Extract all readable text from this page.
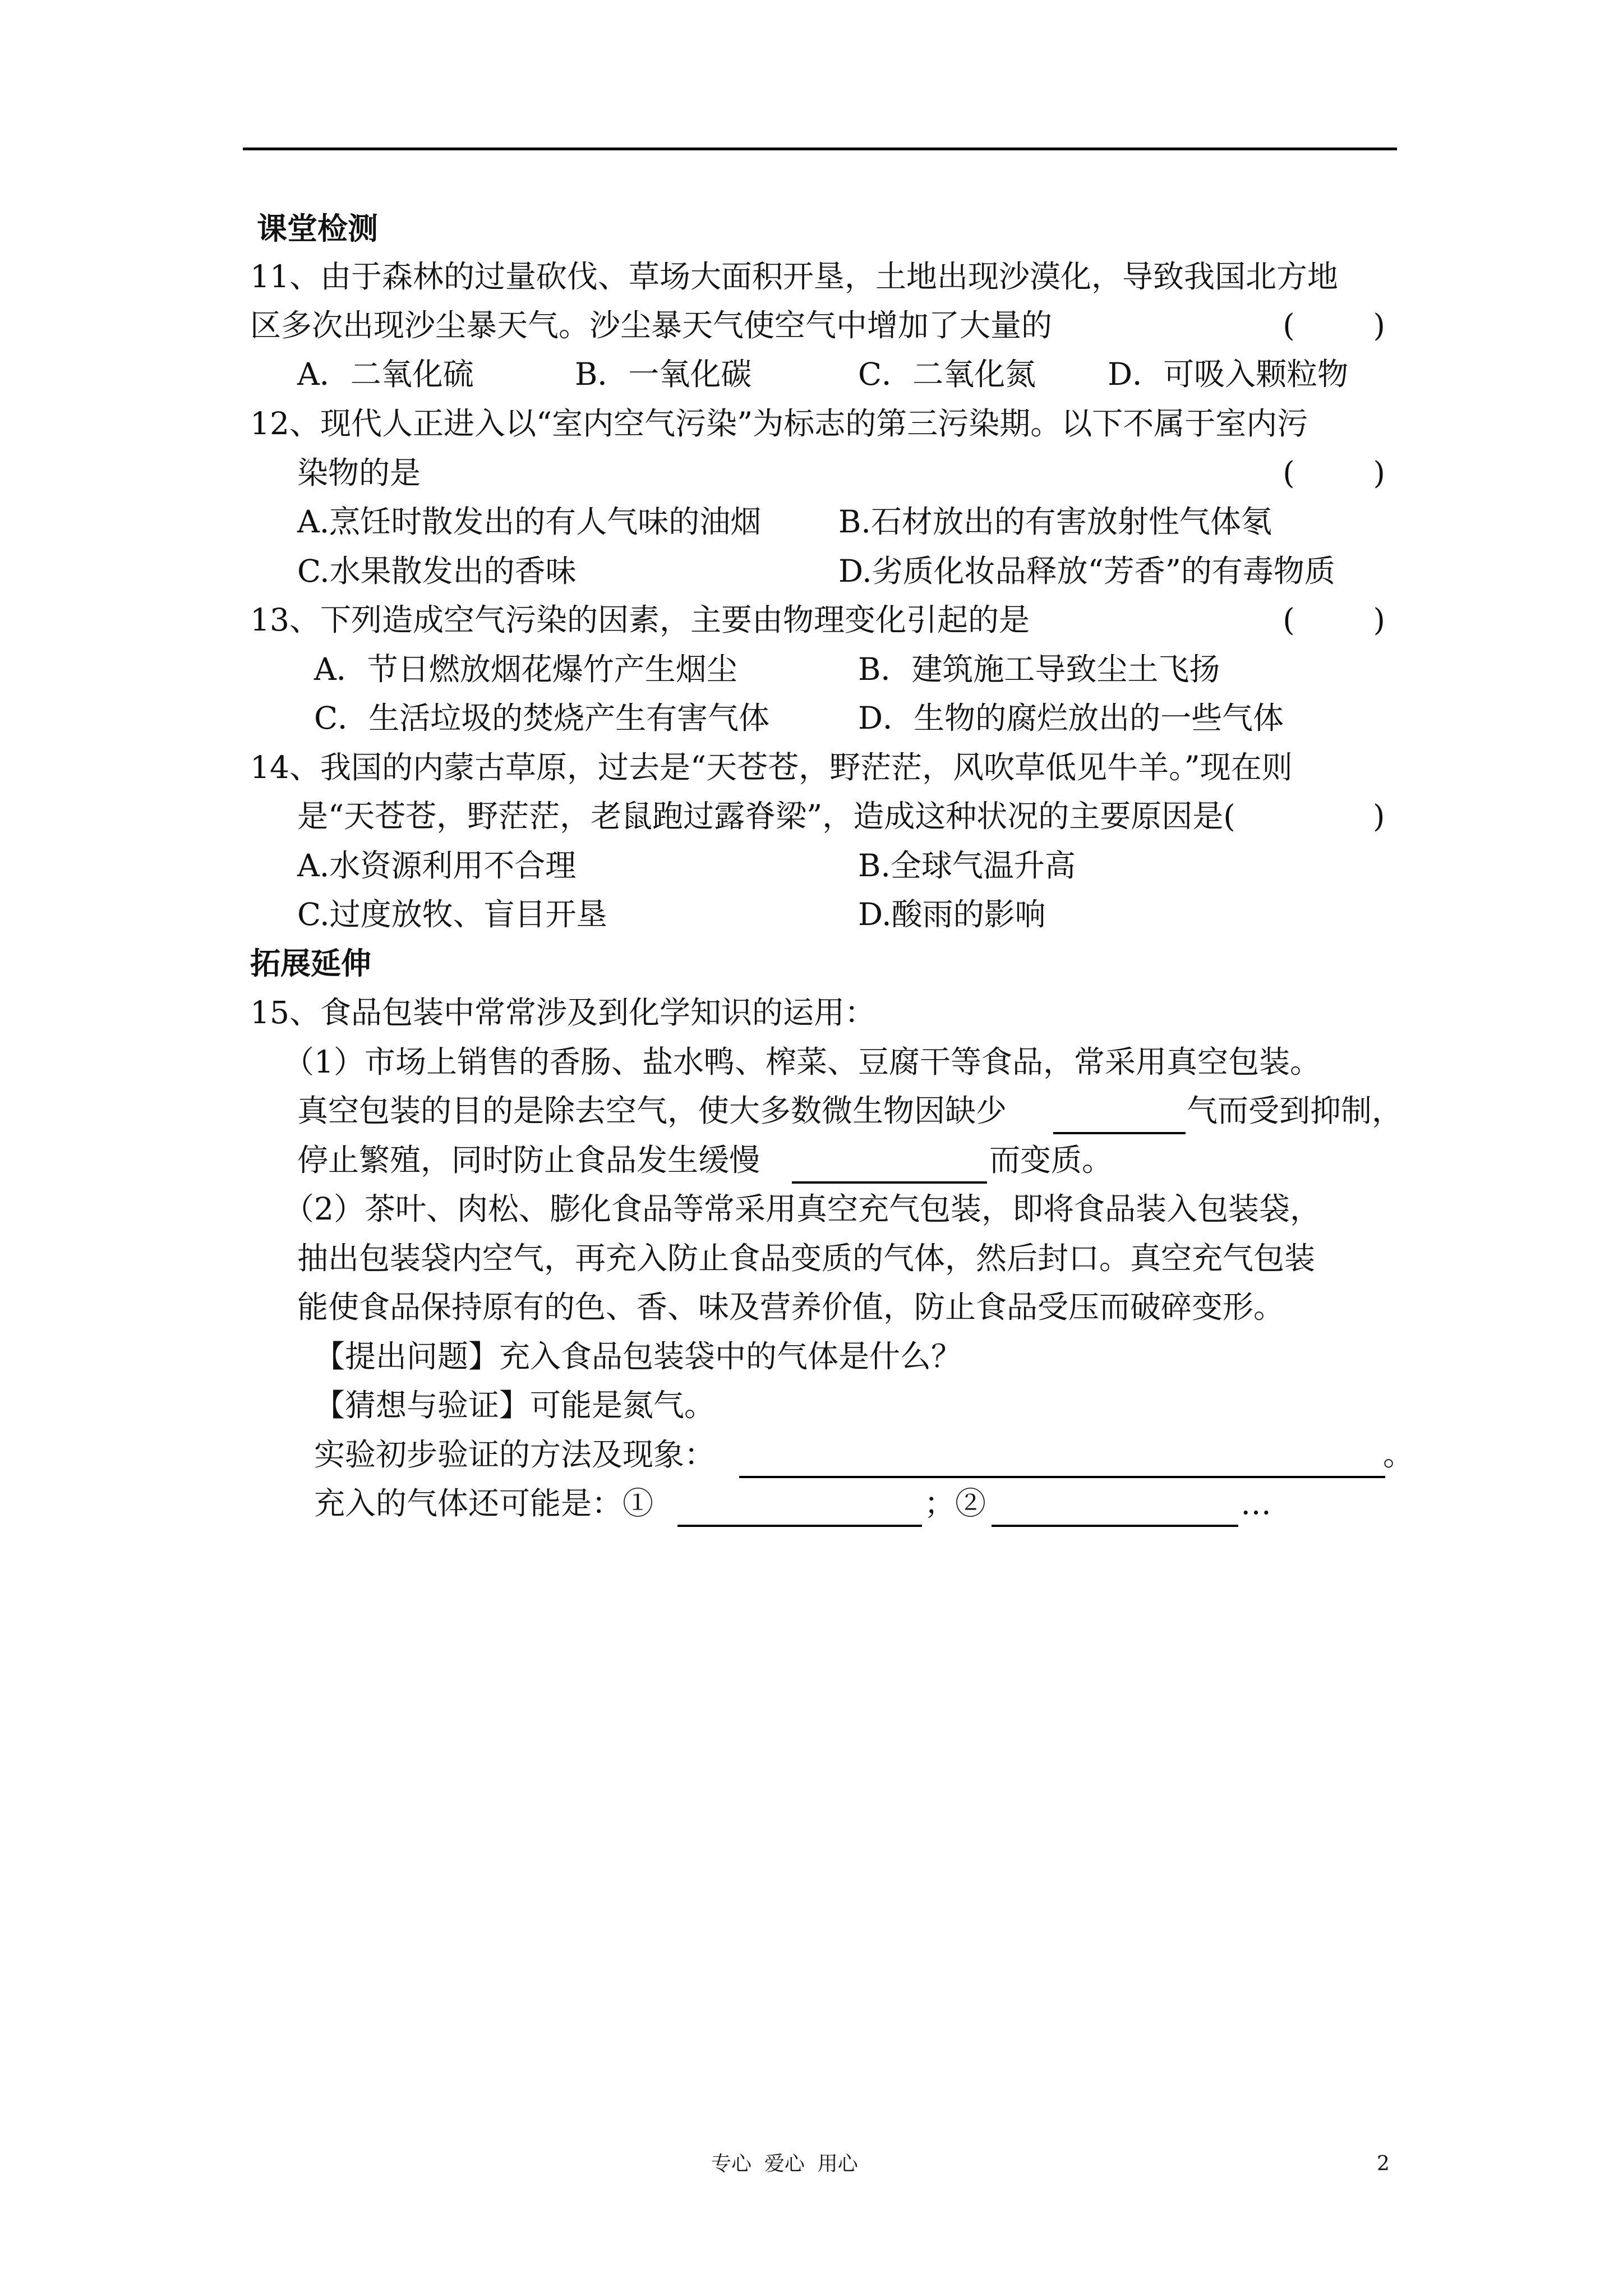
课堂检测
11、由于森林的过量砍伐、草场大面积开垦，土地出现沙漠化，导致我国北方地
区多次出现沙尘暴天气。沙尘暴天气使空气中增加了大量的	(        )
A．二氧化硫	B．一氧化碳	C．二氧化氮 D．可吸入颗粒物
12、现代人正进入以“室内空气污染”为标志的第三污染期。以下不属于室内污
染物的是	(        )
A.烹饪时散发出的有人气味的油烟	B.石材放出的有害放射性气体氡
C.水果散发出的香味	D.劣质化妆品释放“芳香”的有毒物质
13、下列造成空气污染的因素，主要由物理变化引起的是	(        )
A．节日燃放烟花爆竹产生烟尘	B．建筑施工导致尘土飞扬
C．生活垃圾的焚烧产生有害气体	D．生物的腐烂放出的一些气体
14、我国的内蒙古草原，过去是“天苍苍，野茫茫，风吹草低见牛羊。”现在则
是“天苍苍，野茫茫，老鼠跑过露脊梁”，造成这种状况的主要原因是(	)
A.水资源利用不合理	B.全球气温升高
C.过度放牧、盲目开垦	D.酸雨的影响
拓展延伸
15、食品包装中常常涉及到化学知识的运用：
（1）市场上销售的香肠、盐水鸭、榨菜、豆腐干等食品，常采用真空包装。
真空包装的目的是除去空气，使大多数微生物因缺少	气而受到抑制，
停止繁殖，同时防止食品发生缓慢	而变质。
（2）茶叶、肉松、膨化食品等常采用真空充气包装，即将食品装入包装袋，
抽出包装袋内空气，再充入防止食品变质的气体，然后封口。真空充气包装
能使食品保持原有的色、香、味及营养价值，防止食品受压而破碎变形。
【提出问题】充入食品包装袋中的气体是什么？
【猜想与验证】可能是氮气。
实验初步验证的方法及现象：	。
充入的气体还可能是：①	；②	…
专心  爱心  用心	2
